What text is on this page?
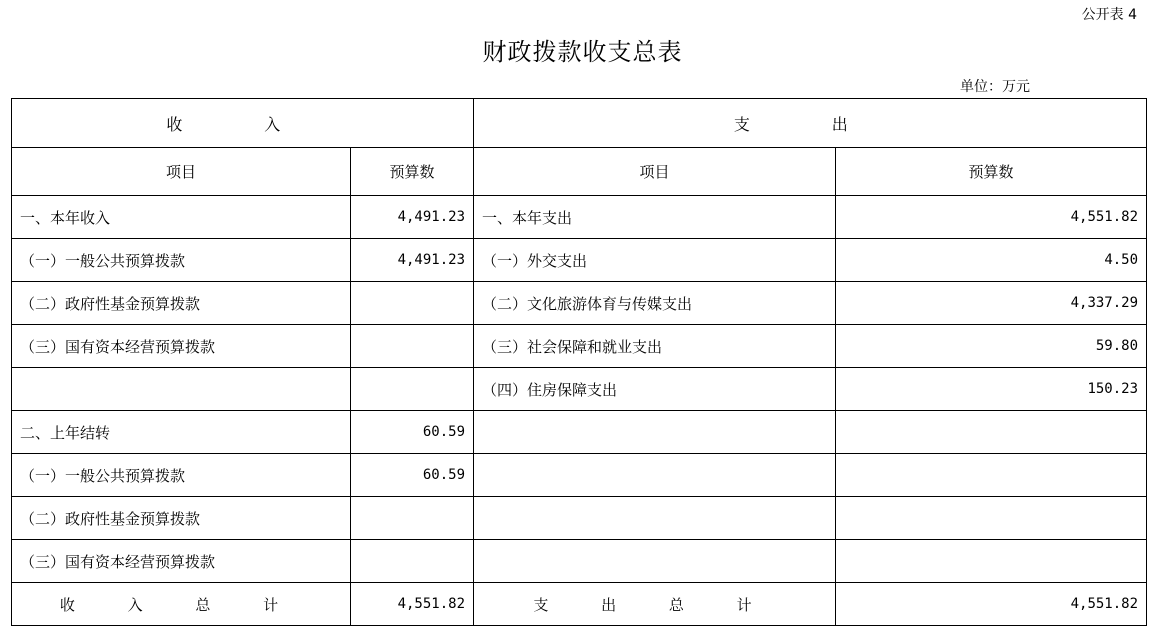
公开表 4
财政拨款收支总表
单位：万元
收 入		支 出	
项目	预算数	项目	预算数
一、本年收入	4,491.23	一、本年支出	4,551.82
（一）一般公共预算拨款	4,491.23	（一）外交支出	4.50
（二）政府性基金预算拨款		（二）文化旅游体育与传媒支出	4,337.29
（三）国有资本经营预算拨款		（三）社会保障和就业支出	59.80
		（四）住房保障支出	150.23
二、上年结转	60.59		
（一）一般公共预算拨款	60.59		
（二）政府性基金预算拨款			
（三）国有资本经营预算拨款			
收 入 总 计	4,551.82	支 出 总 计	4,551.82
